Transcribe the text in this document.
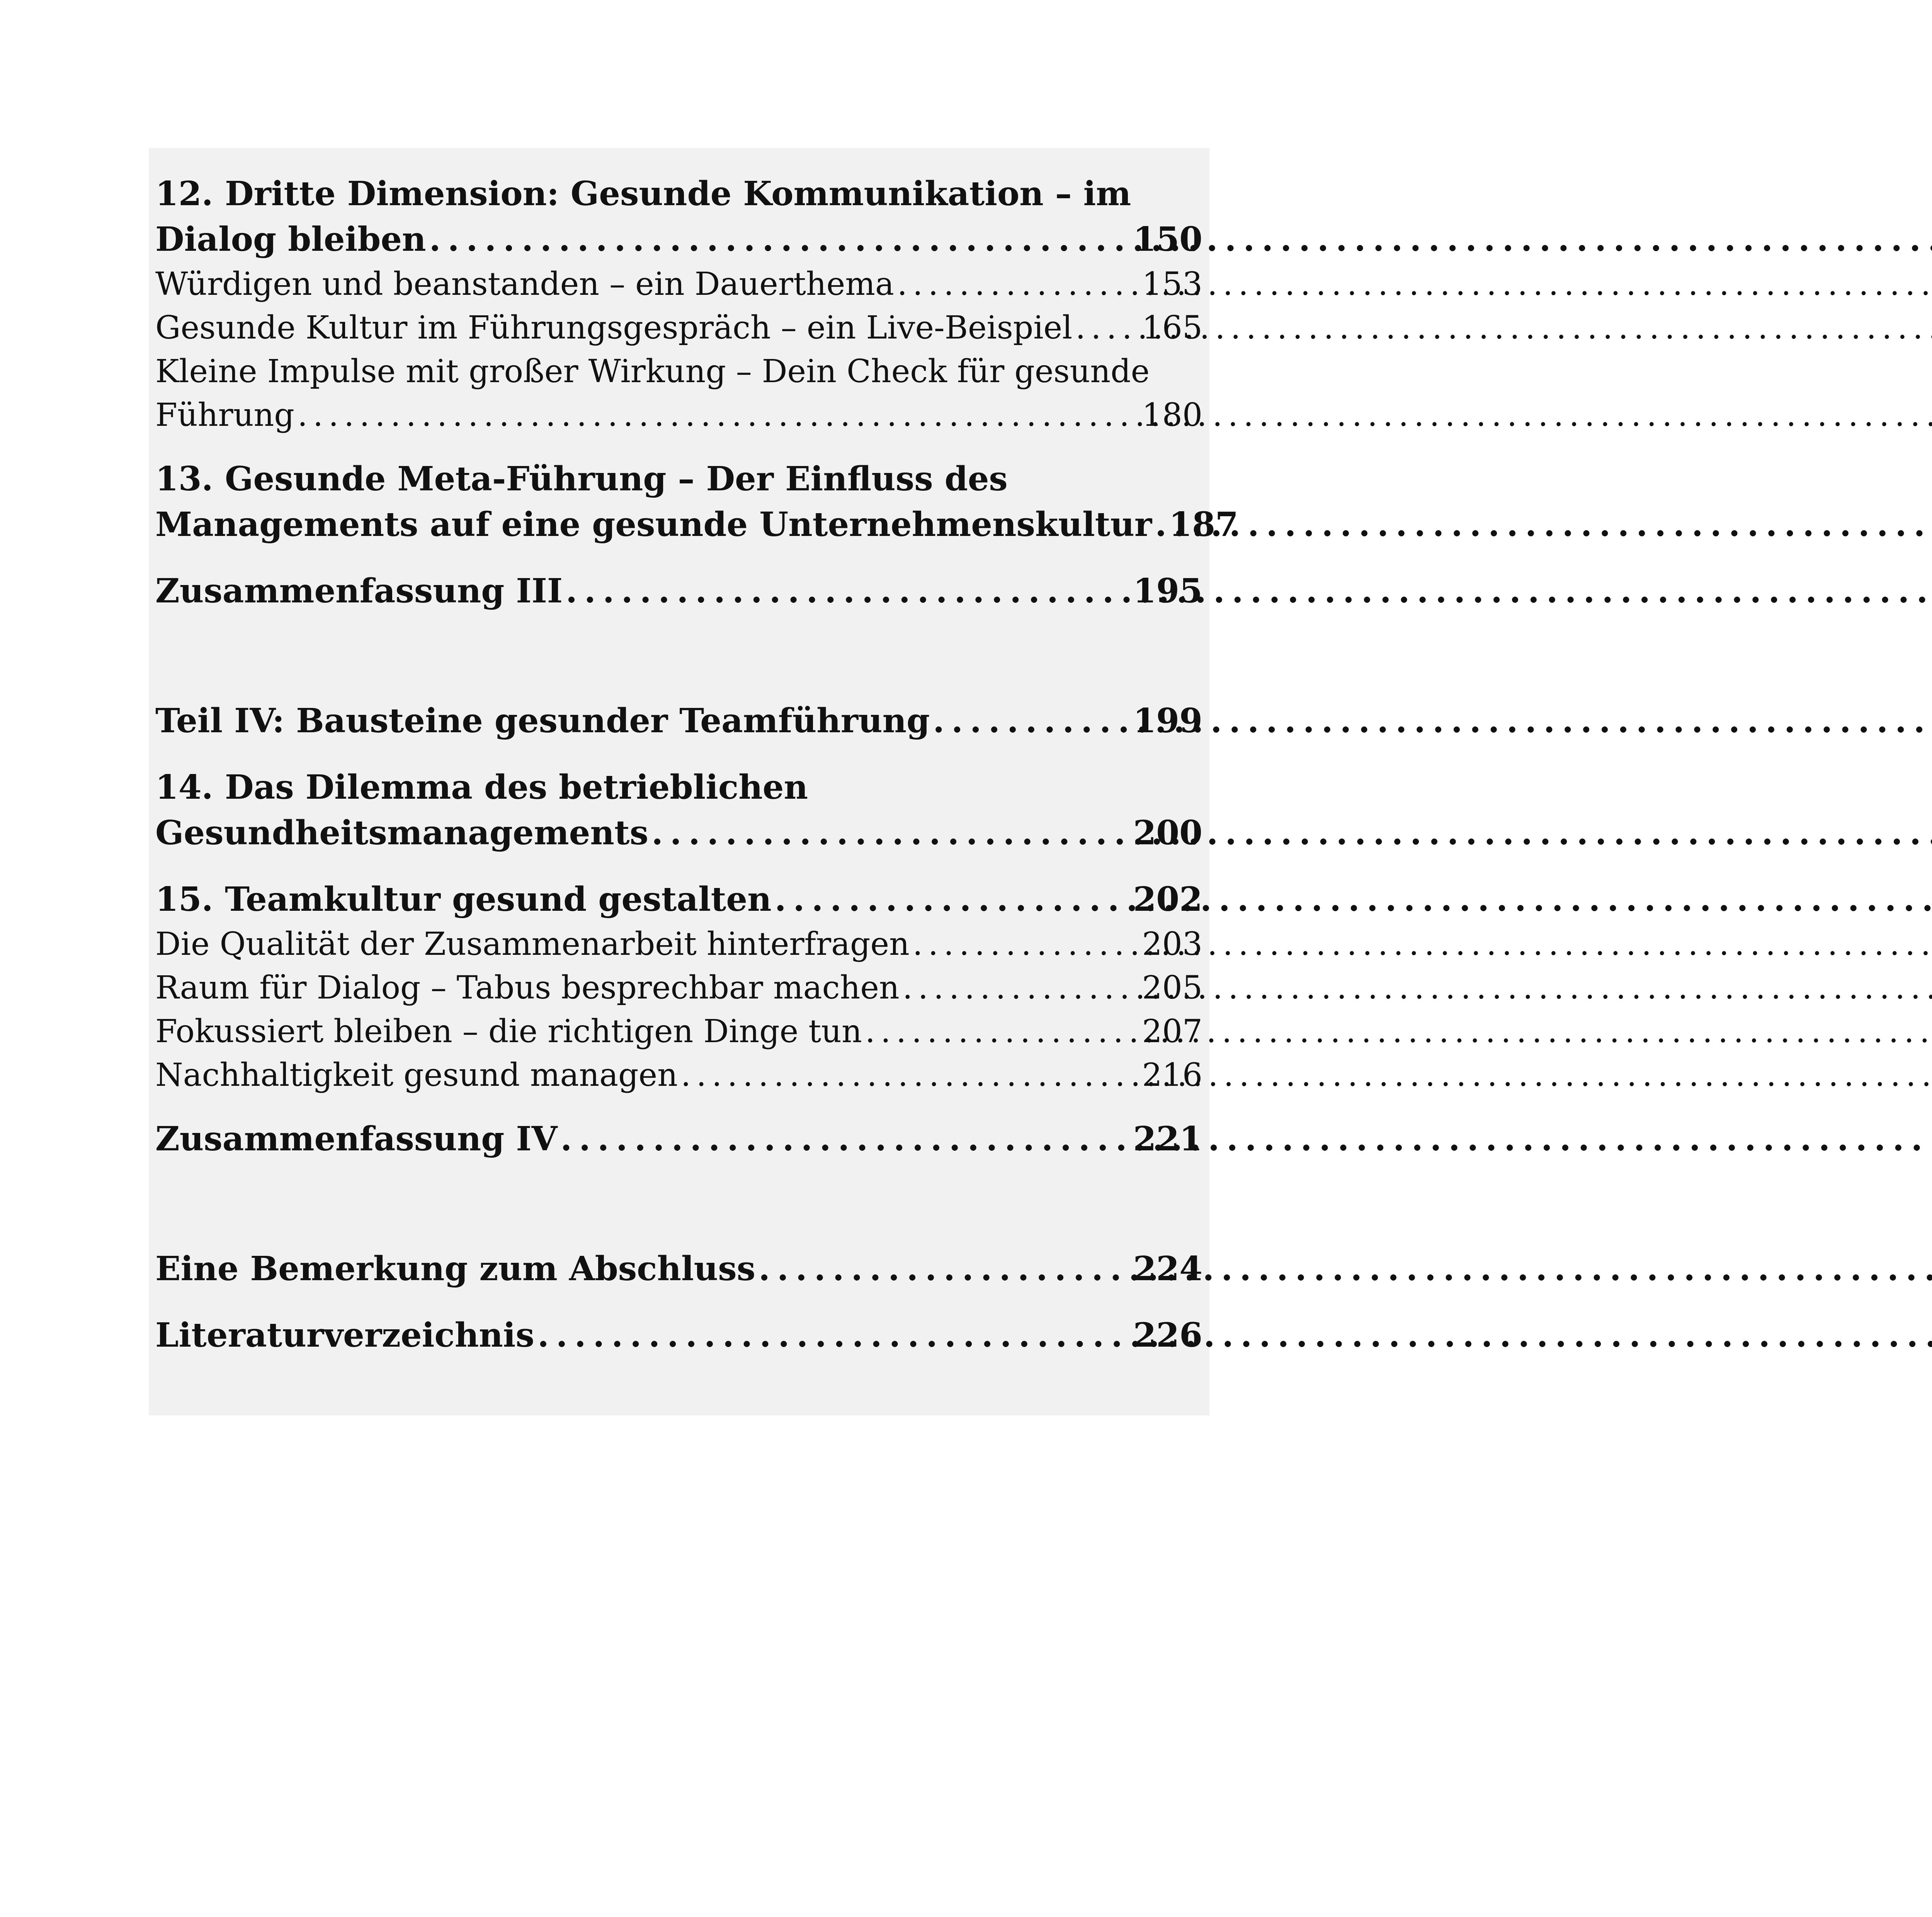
12. Dritte Dimension: Gesunde Kommunikation – im
Dialog bleiben . . .	150
Würdigen und beanstanden – ein Dauerthema . . .	153
Gesunde Kultur im Führungsgespräch – ein Live-Beispiel . . . 165
Kleine Impulse mit großer Wirkung – Dein Check für gesunde
Führung . . .	180
13. Gesunde Meta-Führung – Der Einfluss des
Managements auf eine gesunde Unternehmenskultur . . . 187
Zusammenfassung III . . .	195
Teil IV: Bausteine gesunder Teamführung . . .	199
14. Das Dilemma des betrieblichen
Gesundheitsmanagements . . .	200
15. Teamkultur gesund gestalten . . .	202
Die Qualität der Zusammenarbeit hinterfragen . . .	203
Raum für Dialog – Tabus besprechbar machen . . .	205
Fokussiert bleiben – die richtigen Dinge tun . . .	207
Nachhaltigkeit gesund managen . . .	216
Zusammenfassung IV . . .	221
Eine Bemerkung zum Abschluss . . .	224
Literaturverzeichnis . . .	226
